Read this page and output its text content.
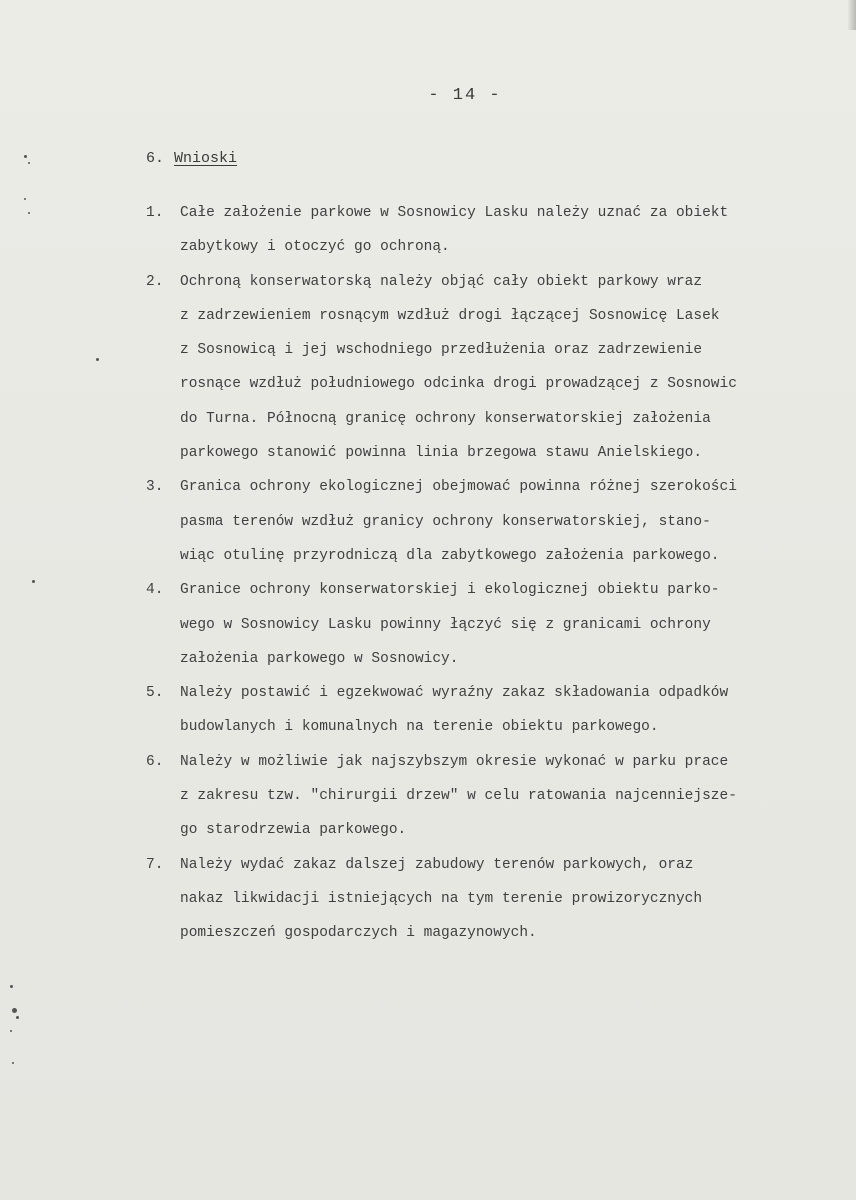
- 14 -
6. Wnioski
1. Całe założenie parkowe w Sosnowicy Lasku należy uznać za obiekt
zabytkowy i otoczyć go ochroną.
2. Ochroną konserwatorską należy objąć cały obiekt parkowy wraz
z zadrzewieniem rosnącym wzdłuż drogi łączącej Sosnowicę Lasek
z Sosnowicą i jej wschodniego przedłużenia oraz zadrzewienie
rosnące wzdłuż południowego odcinka drogi prowadzącej z Sosnowic
do Turna. Północną granicę ochrony konserwatorskiej założenia
parkowego stanowić powinna linia brzegowa stawu Anielskiego.
3. Granica ochrony ekologicznej obejmować powinna różnej szerokości
pasma terenów wzdłuż granicy ochrony konserwatorskiej, stano-
wiąc otulinę przyrodniczą dla zabytkowego założenia parkowego.
4. Granice ochrony konserwatorskiej i ekologicznej obiektu parko-
wego w Sosnowicy Lasku powinny łączyć się z granicami ochrony
założenia parkowego w Sosnowicy.
5. Należy postawić i egzekwować wyraźny zakaz składowania odpadków
budowlanych i komunalnych na terenie obiektu parkowego.
6. Należy w możliwie jak najszybszym okresie wykonać w parku prace
z zakresu tzw. "chirurgii drzew" w celu ratowania najcenniejsze-
go starodrzewia parkowego.
7. Należy wydać zakaz dalszej zabudowy terenów parkowych, oraz
nakaz likwidacji istniejących na tym terenie prowizorycznych
pomieszczeń gospodarczych i magazynowych.
